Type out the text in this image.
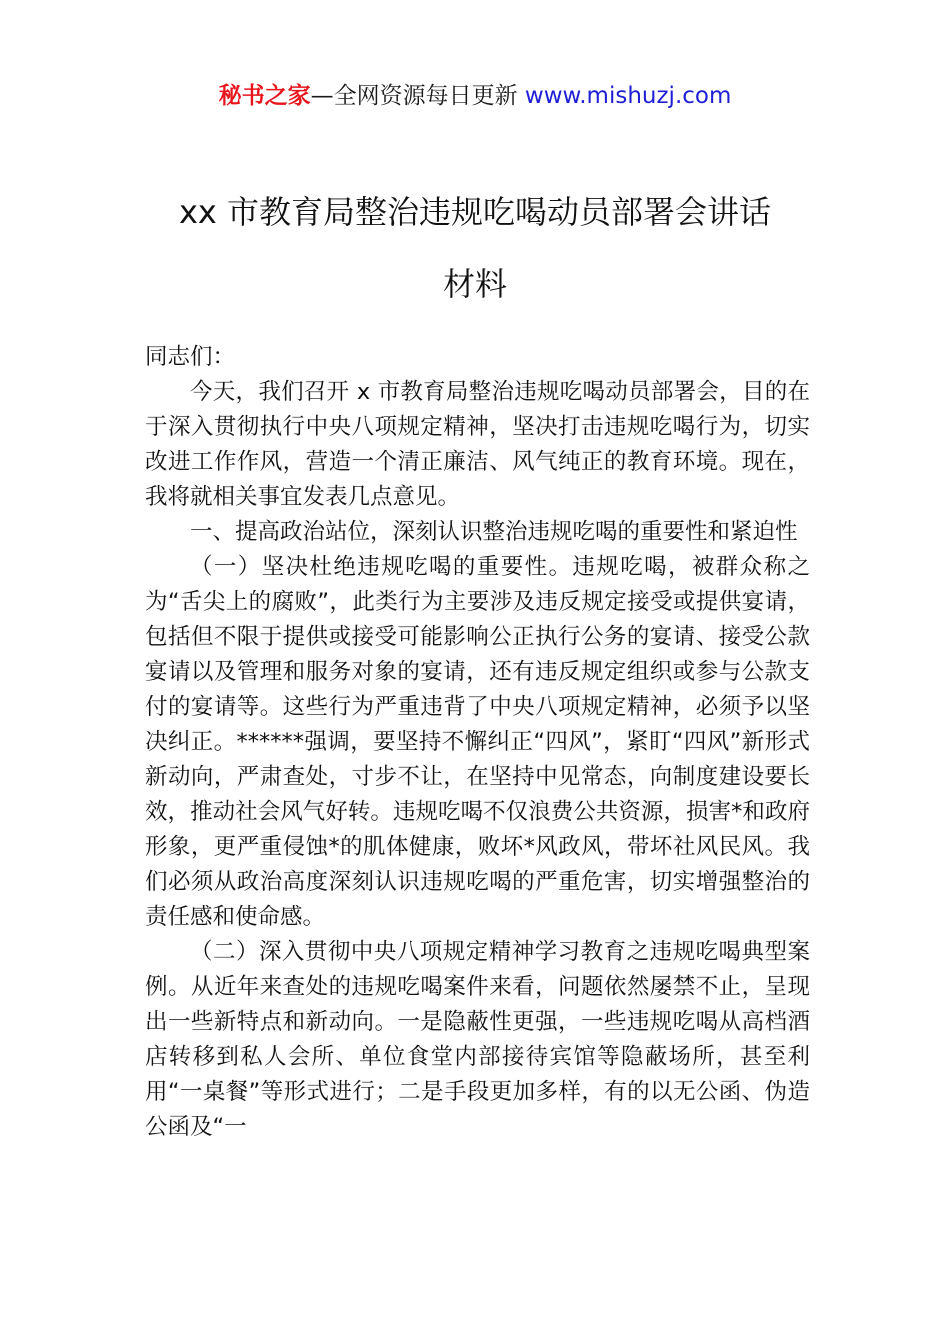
秘书之家—全网资源每日更新 www.mishuzj.com
xx 市教育局整治违规吃喝动员部署会讲话
材料

同志们：

今天，我们召开 x 市教育局整治违规吃喝动员部署会，目的在于深入贯彻执行中央八项规定精神，坚决打击违规吃喝行为，切实改进工作作风，营造一个清正廉洁、风气纯正的教育环境。现在，我将就相关事宜发表几点意见。

一、提高政治站位，深刻认识整治违规吃喝的重要性和紧迫性

（一）坚决杜绝违规吃喝的重要性。违规吃喝，被群众称之为“舌尖上的腐败”，此类行为主要涉及违反规定接受或提供宴请，包括但不限于提供或接受可能影响公正执行公务的宴请、接受公款宴请以及管理和服务对象的宴请，还有违反规定组织或参与公款支付的宴请等。这些行为严重违背了中央八项规定精神，必须予以坚决纠正。******强调，要坚持不懈纠正“四风”，紧盯“四风”新形式新动向，严肃查处，寸步不让，在坚持中见常态，向制度建设要长效，推动社会风气好转。违规吃喝不仅浪费公共资源，损害*和政府形象，更严重侵蚀*的肌体健康，败坏*风政风，带坏社风民风。我们必须从政治高度深刻认识违规吃喝的严重危害，切实增强整治的责任感和使命感。

（二）深入贯彻中央八项规定精神学习教育之违规吃喝典型案例。从近年来查处的违规吃喝案件来看，问题依然屡禁不止，呈现出一些新特点和新动向。一是隐蔽性更强，一些违规吃喝从高档酒店转移到私人会所、单位食堂内部接待宾馆等隐蔽场所，甚至利用“一桌餐”等形式进行；二是手段更加多样，有的以无公函、伪造公函及“一
